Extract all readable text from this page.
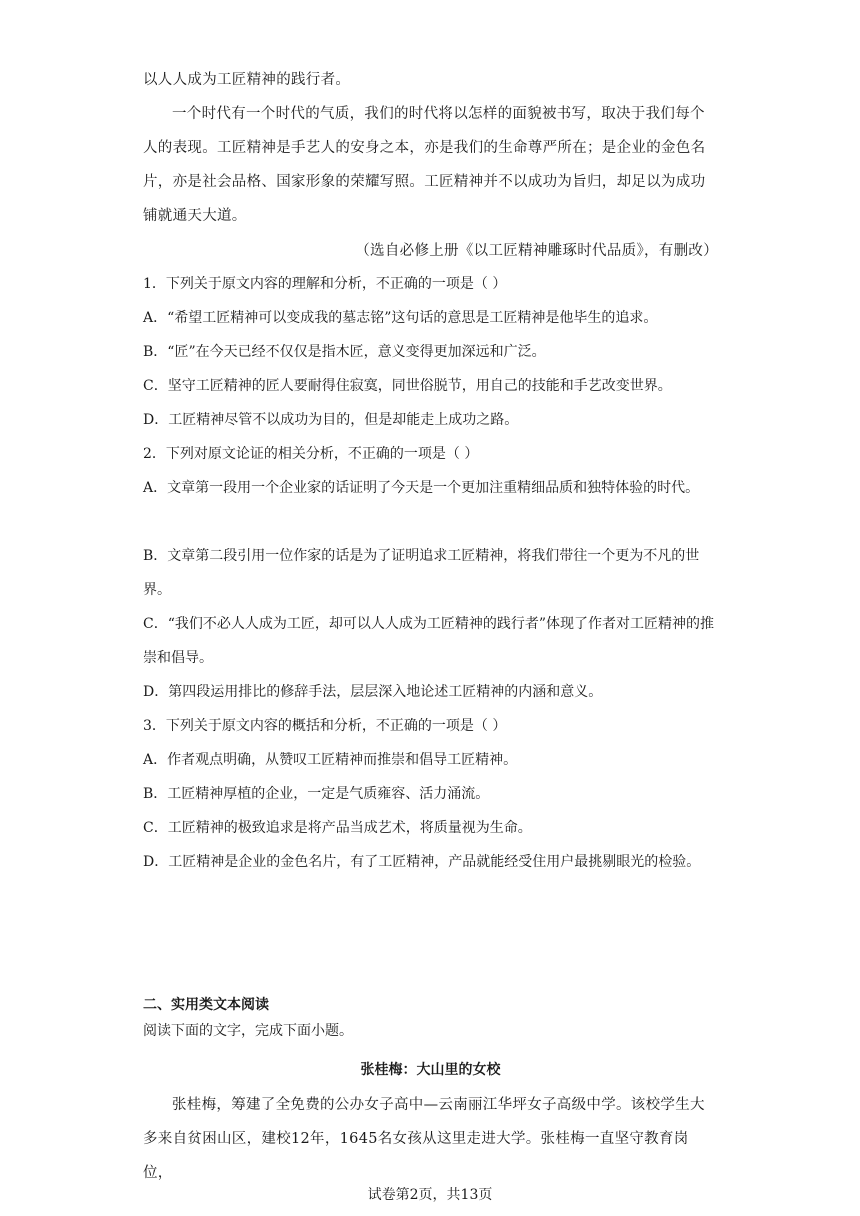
以人人成为工匠精神的践行者。

一个时代有一个时代的气质，我们的时代将以怎样的面貌被书写，取决于我们每个人的表现。工匠精神是手艺人的安身之本，亦是我们的生命尊严所在；是企业的金色名片，亦是社会品格、国家形象的荣耀写照。工匠精神并不以成功为旨归，却足以为成功铺就通天大道。

（选自必修上册《以工匠精神雕琢时代品质》，有删改）

1．下列关于原文内容的理解和分析，不正确的一项是（ ）

A．“希望工匠精神可以变成我的墓志铭”这句话的意思是工匠精神是他毕生的追求。

B．“匠”在今天已经不仅仅是指木匠，意义变得更加深远和广泛。

C．坚守工匠精神的匠人要耐得住寂寞，同世俗脱节，用自己的技能和手艺改变世界。

D．工匠精神尽管不以成功为目的，但是却能走上成功之路。

2．下列对原文论证的相关分析，不正确的一项是（ ）

A．文章第一段用一个企业家的话证明了今天是一个更加注重精细品质和独特体验的时代。

B．文章第二段引用一位作家的话是为了证明追求工匠精神，将我们带往一个更为不凡的世界。

C．“我们不必人人成为工匠，却可以人人成为工匠精神的践行者”体现了作者对工匠精神的推崇和倡导。

D．第四段运用排比的修辞手法，层层深入地论述工匠精神的内涵和意义。

3．下列关于原文内容的概括和分析，不正确的一项是（ ）

A．作者观点明确，从赞叹工匠精神而推崇和倡导工匠精神。

B．工匠精神厚植的企业，一定是气质雍容、活力涌流。

C．工匠精神的极致追求是将产品当成艺术，将质量视为生命。

D．工匠精神是企业的金色名片，有了工匠精神，产品就能经受住用户最挑剔眼光的检验。

二、实用类文本阅读

阅读下面的文字，完成下面小题。

张桂梅：大山里的女校

张桂梅，筹建了全免费的公办女子高中—云南丽江华坪女子高级中学。该校学生大多来自贫困山区，建校12年，1645名女孩从这里走进大学。张桂梅一直坚守教育岗位，

试卷第2页，共13页
